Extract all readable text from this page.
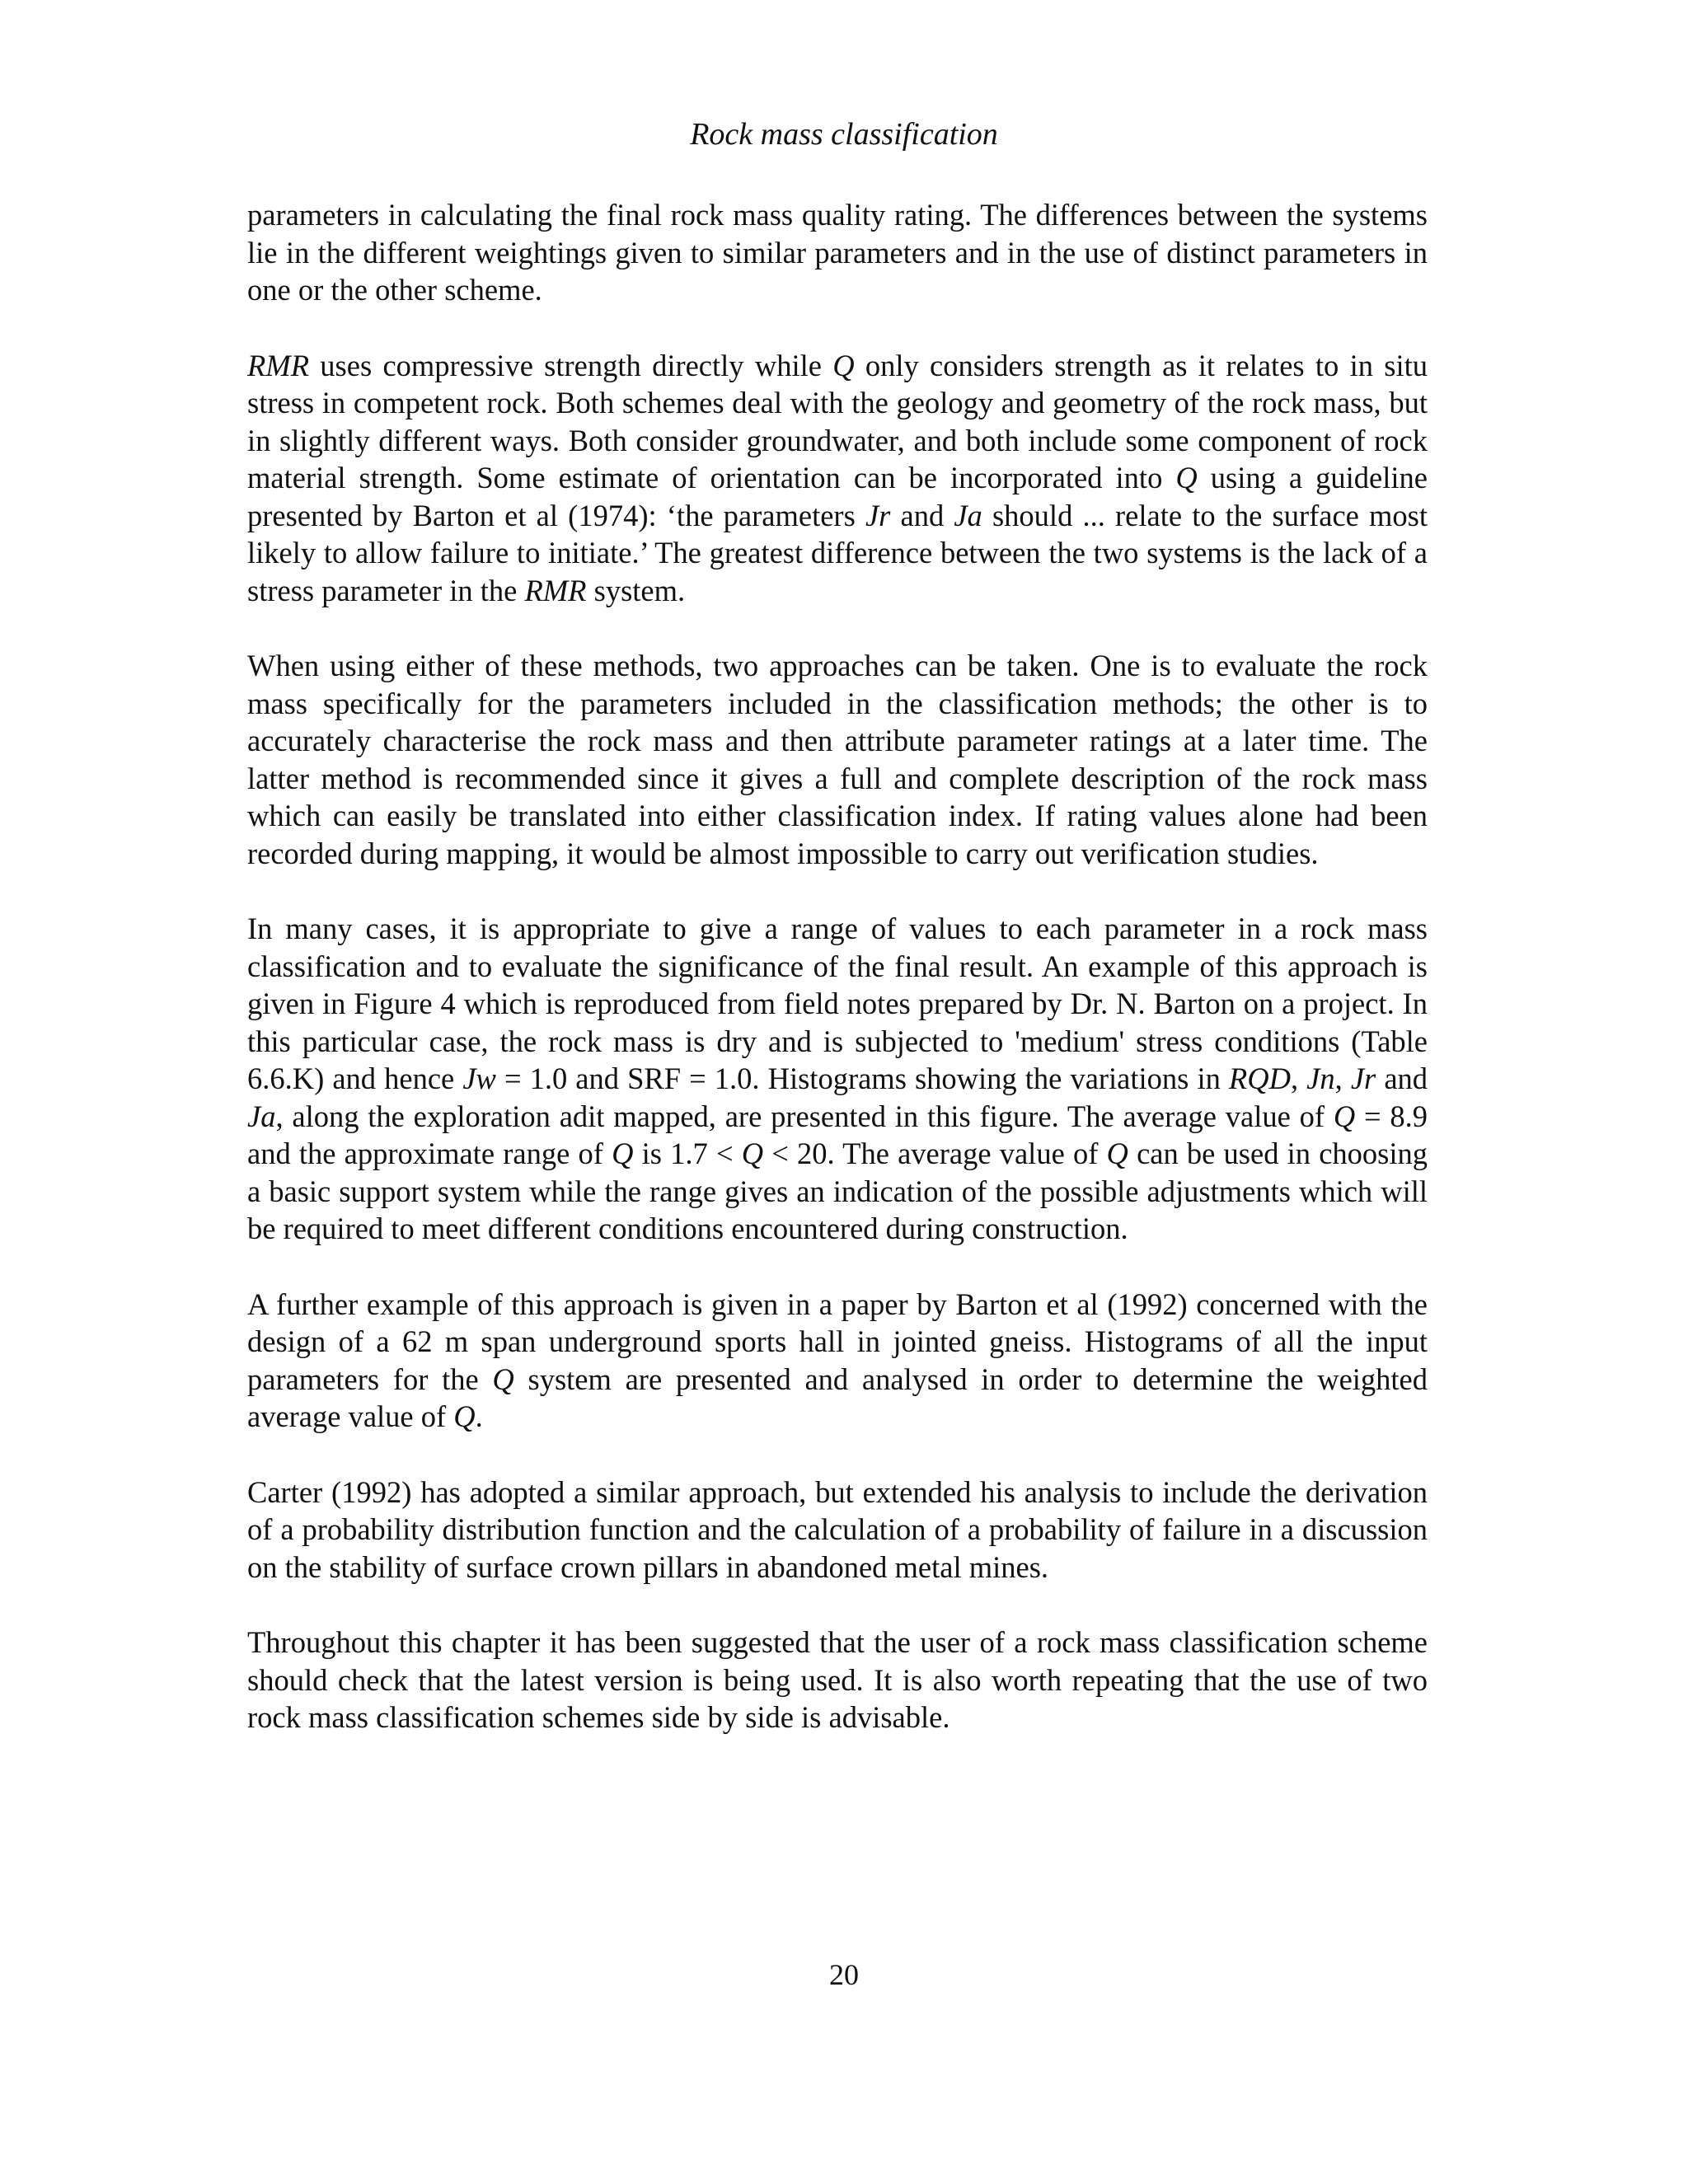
Rock mass classification

parameters in calculating the final rock mass quality rating. The differences between the systems lie in the different weightings given to similar parameters and in the use of distinct parameters in one or the other scheme.

RMR uses compressive strength directly while Q only considers strength as it relates to in situ stress in competent rock. Both schemes deal with the geology and geometry of the rock mass, but in slightly different ways. Both consider groundwater, and both include some component of rock material strength. Some estimate of orientation can be incorporated into Q using a guideline presented by Barton et al (1974): ‘the parameters Jr and Ja should ... relate to the surface most likely to allow failure to initiate.’ The greatest difference between the two systems is the lack of a stress parameter in the RMR system.

When using either of these methods, two approaches can be taken. One is to evaluate the rock mass specifically for the parameters included in the classification methods; the other is to accurately characterise the rock mass and then attribute parameter ratings at a later time. The latter method is recommended since it gives a full and complete description of the rock mass which can easily be translated into either classification index. If rating values alone had been recorded during mapping, it would be almost impossible to carry out verification studies.

In many cases, it is appropriate to give a range of values to each parameter in a rock mass classification and to evaluate the significance of the final result. An example of this approach is given in Figure 4 which is reproduced from field notes prepared by Dr. N. Barton on a project. In this particular case, the rock mass is dry and is subjected to 'medium' stress conditions (Table 6.6.K) and hence Jw = 1.0 and SRF = 1.0. Histograms showing the variations in RQD, Jn, Jr and Ja, along the exploration adit mapped, are presented in this figure. The average value of Q = 8.9 and the approximate range of Q is 1.7 < Q < 20. The average value of Q can be used in choosing a basic support system while the range gives an indication of the possible adjustments which will be required to meet different conditions encountered during construction.

A further example of this approach is given in a paper by Barton et al (1992) concerned with the design of a 62 m span underground sports hall in jointed gneiss. Histograms of all the input parameters for the Q system are presented and analysed in order to determine the weighted average value of Q.

Carter (1992) has adopted a similar approach, but extended his analysis to include the derivation of a probability distribution function and the calculation of a probability of failure in a discussion on the stability of surface crown pillars in abandoned metal mines.

Throughout this chapter it has been suggested that the user of a rock mass classification scheme should check that the latest version is being used. It is also worth repeating that the use of two rock mass classification schemes side by side is advisable.

20
